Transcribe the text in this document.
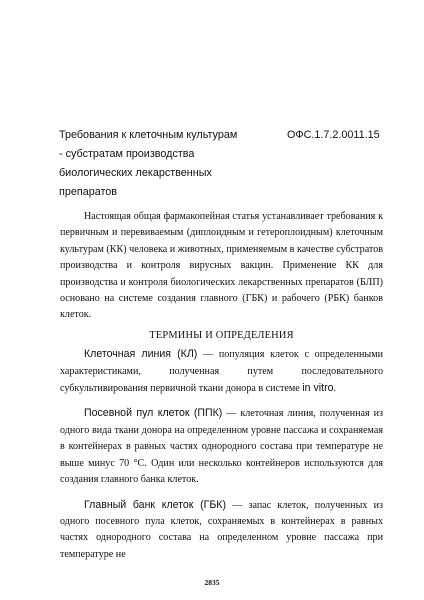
Требования к клеточным культурам
- субстратам производства
биологических лекарственных
препаратов
ОФС.1.7.2.0011.15

Настоящая общая фармакопейная статья устанавливает требования к первичным и перевиваемым (диплоидным и гетероплоидным) клеточным культурам (КК) человека и животных, применяемым в качестве субстратов производства и контроля вирусных вакцин. Применение КК для производства и контроля биологических лекарственных препаратов (БЛП) основано на системе создания главного (ГБК) и рабочего (РБК) банков клеток.

ТЕРМИНЫ И ОПРЕДЕЛЕНИЯ

Клеточная линия (КЛ) — популяция клеток с определенными характеристиками, полученная путем последовательного субкультивирования первичной ткани донора в системе in vitro.

Посевной пул клеток (ППК) — клеточная линия, полученная из одного вида ткани донора на определенном уровне пассажа и сохраняемая в контейнерах в равных частях однородного состава при температуре не выше минус 70 °C. Один или несколько контейнеров используются для создания главного банка клеток.

Главный банк клеток (ГБК) — запас клеток, полученных из одного посевного пула клеток, сохраняемых в контейнерах в равных частях однородного состава на определенном уровне пассажа при температуре не

2835
